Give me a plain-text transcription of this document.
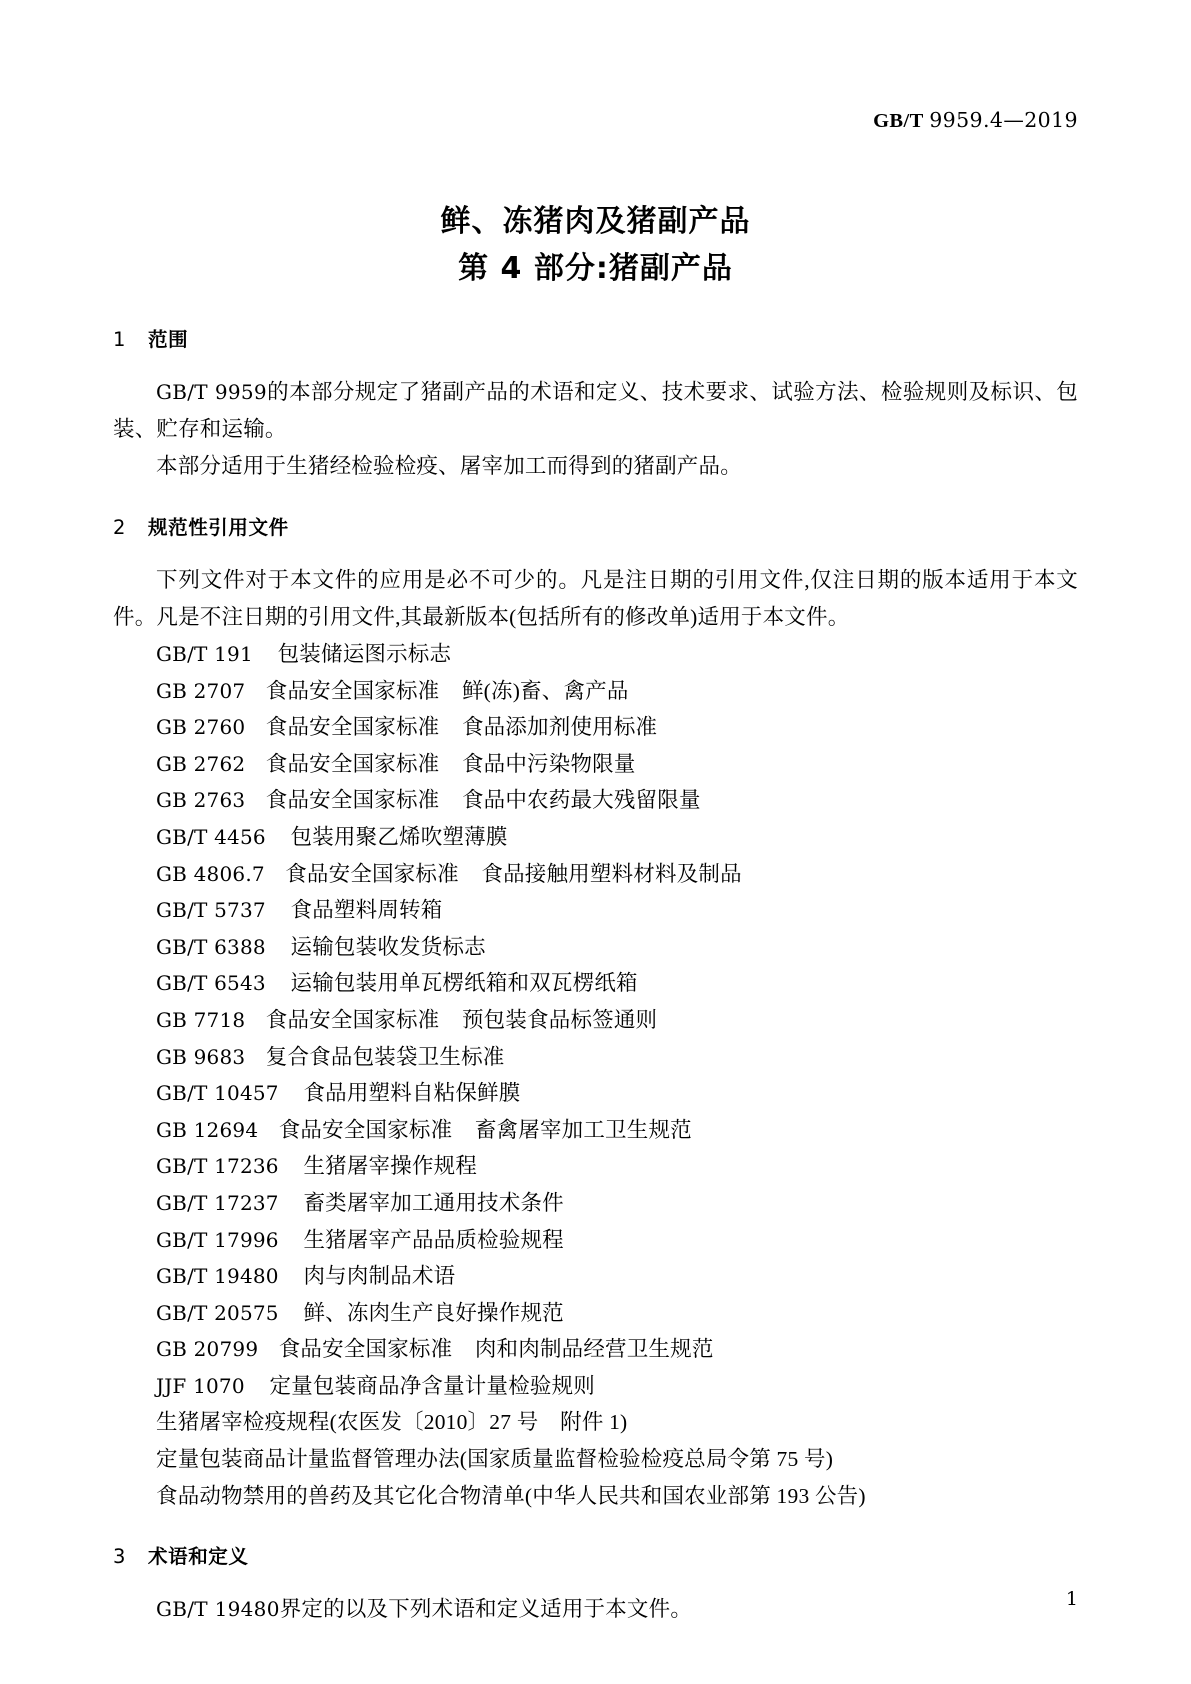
GB/T 9959.4—2019
鲜、冻猪肉及猪副产品
第 4 部分:猪副产品
1 范围
GB/T 9959的本部分规定了猪副产品的术语和定义、技术要求、试验方法、检验规则及标识、包装、贮存和运输。
本部分适用于生猪经检验检疫、屠宰加工而得到的猪副产品。
2 规范性引用文件
下列文件对于本文件的应用是必不可少的。凡是注日期的引用文件,仅注日期的版本适用于本文件。凡是不注日期的引用文件,其最新版本(包括所有的修改单)适用于本文件。
GB/T 191 包装储运图示标志
GB 2707 食品安全国家标准 鲜(冻)畜、禽产品
GB 2760 食品安全国家标准 食品添加剂使用标准
GB 2762 食品安全国家标准 食品中污染物限量
GB 2763 食品安全国家标准 食品中农药最大残留限量
GB/T 4456 包装用聚乙烯吹塑薄膜
GB 4806.7 食品安全国家标准 食品接触用塑料材料及制品
GB/T 5737 食品塑料周转箱
GB/T 6388 运输包装收发货标志
GB/T 6543 运输包装用单瓦楞纸箱和双瓦楞纸箱
GB 7718 食品安全国家标准 预包装食品标签通则
GB 9683 复合食品包装袋卫生标准
GB/T 10457 食品用塑料自粘保鲜膜
GB 12694 食品安全国家标准 畜禽屠宰加工卫生规范
GB/T 17236 生猪屠宰操作规程
GB/T 17237 畜类屠宰加工通用技术条件
GB/T 17996 生猪屠宰产品品质检验规程
GB/T 19480 肉与肉制品术语
GB/T 20575 鲜、冻肉生产良好操作规范
GB 20799 食品安全国家标准 肉和肉制品经营卫生规范
JJF 1070 定量包装商品净含量计量检验规则
生猪屠宰检疫规程(农医发〔2010〕27 号　附件 1)
定量包装商品计量监督管理办法(国家质量监督检验检疫总局令第 75 号)
食品动物禁用的兽药及其它化合物清单(中华人民共和国农业部第 193 公告)
3 术语和定义
GB/T 19480界定的以及下列术语和定义适用于本文件。	1
